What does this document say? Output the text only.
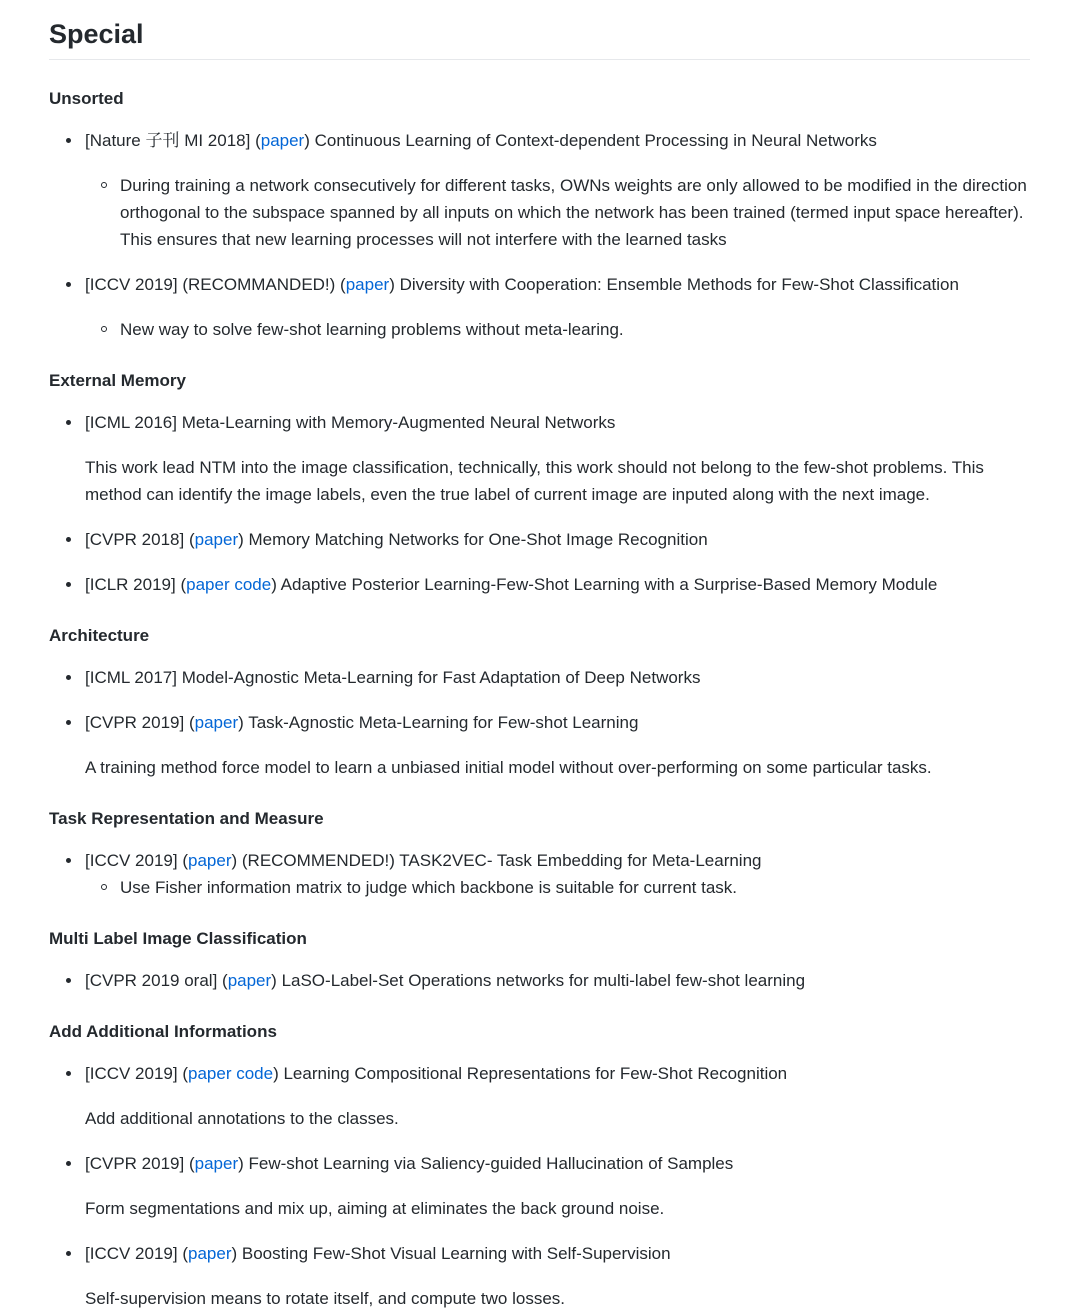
Special
Unsorted
[Nature 子刊 MI 2018] (paper) Continuous Learning of Context-dependent Processing in Neural Networks
During training a network consecutively for different tasks, OWNs weights are only allowed to be modified in the direction orthogonal to the subspace spanned by all inputs on which the network has been trained (termed input space hereafter). This ensures that new learning processes will not interfere with the learned tasks
[ICCV 2019] (RECOMMANDED!) (paper) Diversity with Cooperation: Ensemble Methods for Few-Shot Classification
New way to solve few-shot learning problems without meta-learing.
External Memory
[ICML 2016] Meta-Learning with Memory-Augmented Neural Networks
This work lead NTM into the image classification, technically, this work should not belong to the few-shot problems. This method can identify the image labels, even the true label of current image are inputed along with the next image.
[CVPR 2018] (paper) Memory Matching Networks for One-Shot Image Recognition
[ICLR 2019] (paper code) Adaptive Posterior Learning-Few-Shot Learning with a Surprise-Based Memory Module
Architecture
[ICML 2017] Model-Agnostic Meta-Learning for Fast Adaptation of Deep Networks
[CVPR 2019] (paper) Task-Agnostic Meta-Learning for Few-shot Learning
A training method force model to learn a unbiased initial model without over-performing on some particular tasks.
Task Representation and Measure
[ICCV 2019] (paper) (RECOMMENDED!) TASK2VEC- Task Embedding for Meta-Learning
Use Fisher information matrix to judge which backbone is suitable for current task.
Multi Label Image Classification
[CVPR 2019 oral] (paper) LaSO-Label-Set Operations networks for multi-label few-shot learning
Add Additional Informations
[ICCV 2019] (paper code) Learning Compositional Representations for Few-Shot Recognition
Add additional annotations to the classes.
[CVPR 2019] (paper) Few-shot Learning via Saliency-guided Hallucination of Samples
Form segmentations and mix up, aiming at eliminates the back ground noise.
[ICCV 2019] (paper) Boosting Few-Shot Visual Learning with Self-Supervision
Self-supervision means to rotate itself, and compute two losses.
